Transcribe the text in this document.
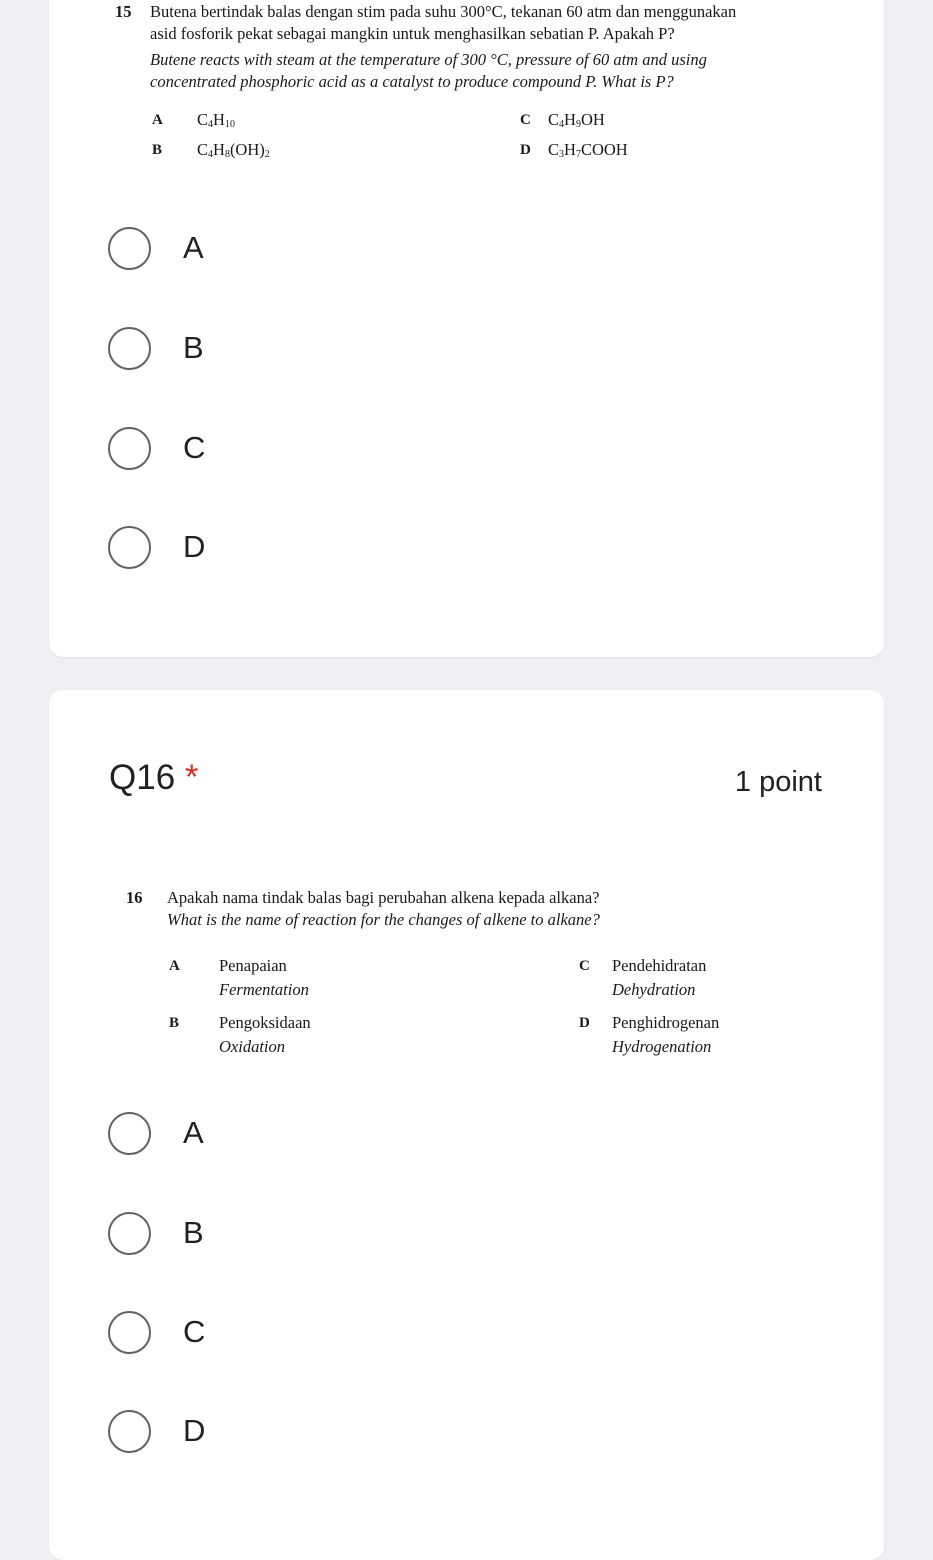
15 Butena bertindak balas dengan stim pada suhu 300°C, tekanan 60 atm dan menggunakan
asid fosforik pekat sebagai mangkin untuk menghasilkan sebatian P. Apakah P?
Butene reacts with steam at the temperature of 300 °C, pressure of 60 atm and using
concentrated phosphoric acid as a catalyst to produce compound P. What is P?
A $C_4H_{10}$	C $C_4H_9OH$
B $C_4H_8(OH)_2$	D $C_3H_7COOH$
A
B
C
D
Q16 *	1 point
16 Apakah nama tindak balas bagi perubahan alkena kepada alkana?
What is the name of reaction for the changes of alkene to alkane?
A Penapaian
Fermentation
C Pendehidratan
Dehydration
B Pengoksidaan
Oxidation
D Penghidrogenan
Hydrogenation
A
B
C
D
